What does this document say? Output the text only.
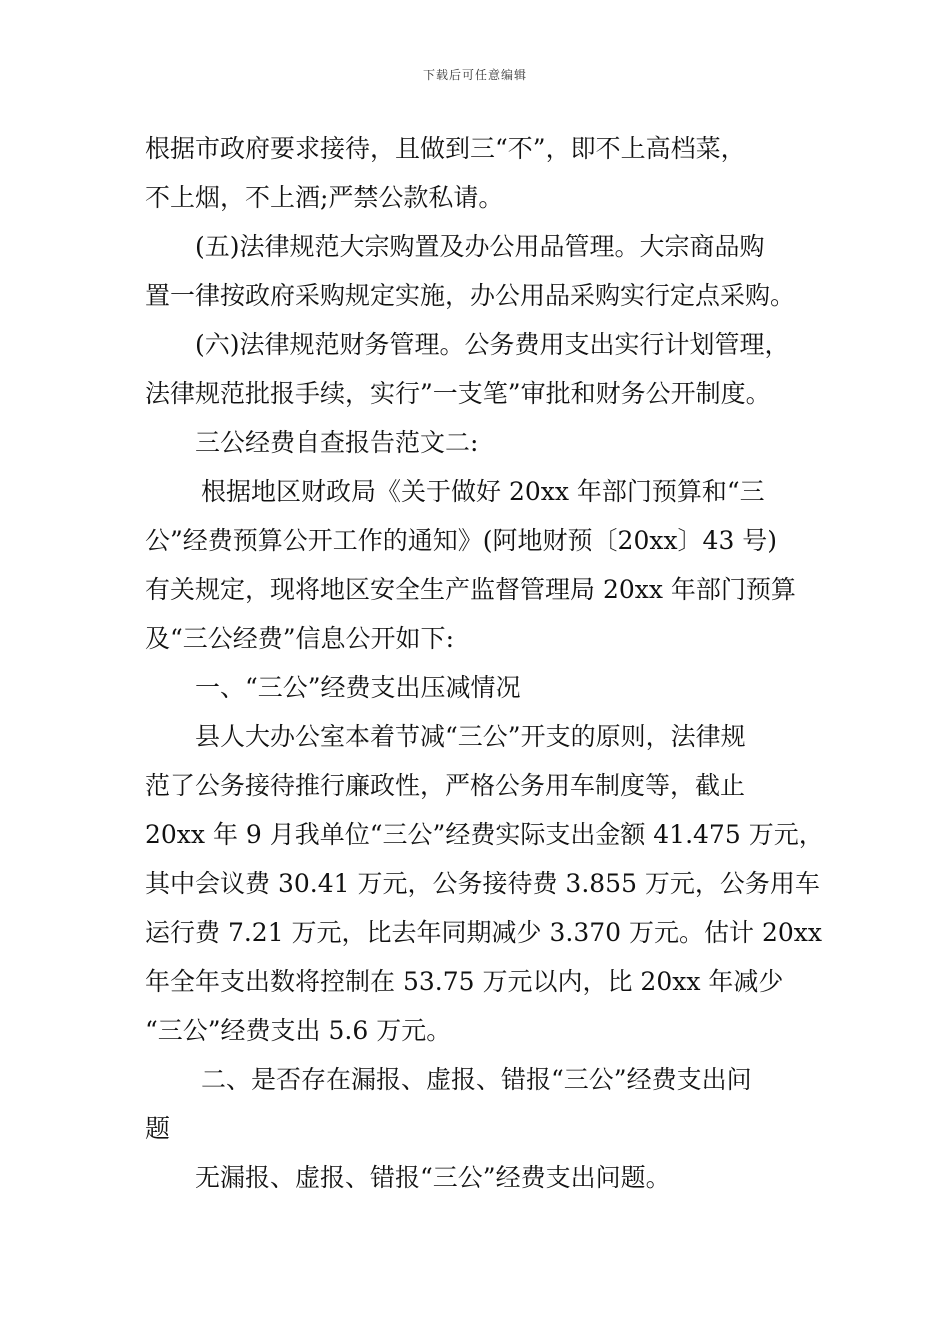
下载后可任意编辑
根据市政府要求接待，且做到三“不”，即不上高档菜，
不上烟，不上酒;严禁公款私请。
(五)法律规范大宗购置及办公用品管理。大宗商品购
置一律按政府采购规定实施，办公用品采购实行定点采购。
(六)法律规范财务管理。公务费用支出实行计划管理，
法律规范批报手续，实行”一支笔”审批和财务公开制度。
三公经费自查报告范文二:
根据地区财政局《关于做好 20xx 年部门预算和“三
公”经费预算公开工作的通知》(阿地财预〔20xx〕43 号)
有关规定，现将地区安全生产监督管理局 20xx 年部门预算
及“三公经费”信息公开如下:
一、“三公”经费支出压减情况
县人大办公室本着节减“三公”开支的原则，法律规
范了公务接待推行廉政性，严格公务用车制度等，截止
20xx 年 9 月我单位“三公”经费实际支出金额 41.475 万元，
其中会议费 30.41 万元，公务接待费 3.855 万元，公务用车
运行费 7.21 万元，比去年同期减少 3.370 万元。估计 20xx
年全年支出数将控制在 53.75 万元以内，比 20xx 年减少
“三公”经费支出 5.6 万元。
二、是否存在漏报、虚报、错报“三公”经费支出问
题
无漏报、虚报、错报“三公”经费支出问题。
